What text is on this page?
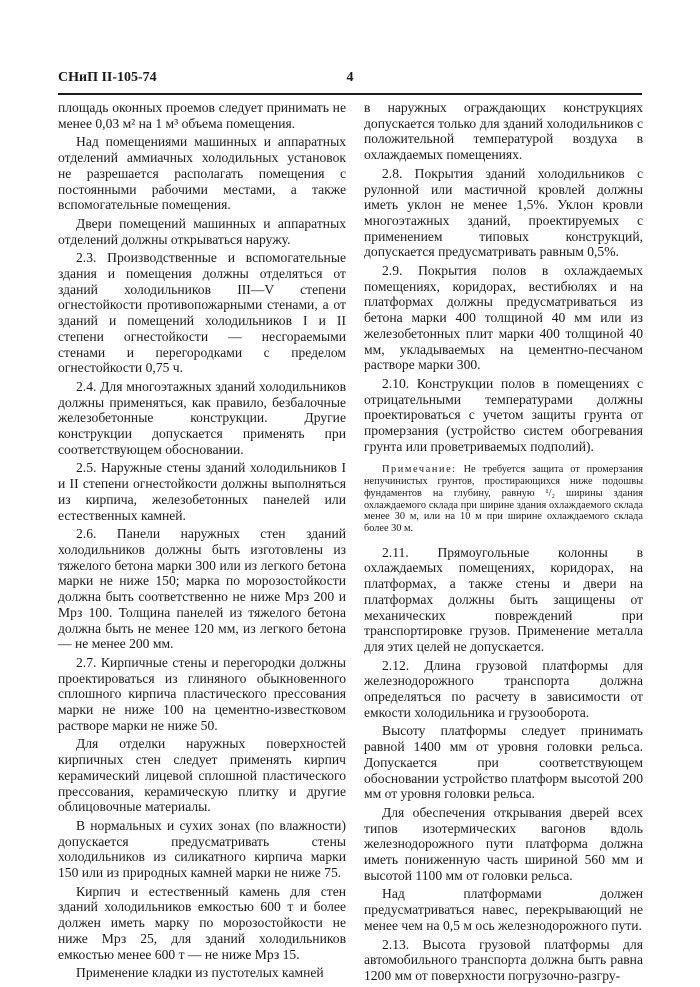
СНиП II-105-74	4

площадь оконных проемов следует принимать не менее 0,03 м² на 1 м³ объема помещения.

Над помещениями машинных и аппаратных отделений аммиачных холодильных установок не разрешается располагать помещения с постоянными рабочими местами, а также вспомогательные помещения.

Двери помещений машинных и аппаратных отделений должны открываться наружу.

2.3. Производственные и вспомогательные здания и помещения должны отделяться от зданий холодильников III—V степени огнестойкости противопожарными стенами, а от зданий и помещений холодильников I и II степени огнестойкости — несгораемыми стенами и перегородками с пределом огнестойкости 0,75 ч.

2.4. Для многоэтажных зданий холодильников должны применяться, как правило, безбалочные железобетонные конструкции. Другие конструкции допускается применять при соответствующем обосновании.

2.5. Наружные стены зданий холодильников I и II степени огнестойкости должны выполняться из кирпича, железобетонных панелей или естественных камней.

2.6. Панели наружных стен зданий холодильников должны быть изготовлены из тяжелого бетона марки 300 или из легкого бетона марки не ниже 150; марка по морозостойкости должна быть соответственно не ниже Мрз 200 и Мрз 100. Толщина панелей из тяжелого бетона должна быть не менее 120 мм, из легкого бетона — не менее 200 мм.

2.7. Кирпичные стены и перегородки должны проектироваться из глиняного обыкновенного сплошного кирпича пластического прессования марки не ниже 100 на цементно-известковом растворе марки не ниже 50.

Для отделки наружных поверхностей кирпичных стен следует применять кирпич керамический лицевой сплошной пластического прессования, керамическую плитку и другие облицовочные материалы.

В нормальных и сухих зонах (по влажности) допускается предусматривать стены холодильников из силикатного кирпича марки 150 или из природных камней марки не ниже 75.

Кирпич и естественный камень для стен зданий холодильников емкостью 600 т и более должен иметь марку по морозостойкости не ниже Мрз 25, для зданий холодильников емкостью менее 600 т — не ниже Мрз 15.

Применение кладки из пустотелых камней

в наружных ограждающих конструкциях допускается только для зданий холодильников с положительной температурой воздуха в охлаждаемых помещениях.

2.8. Покрытия зданий холодильников с рулонной или мастичной кровлей должны иметь уклон не менее 1,5%. Уклон кровли многоэтажных зданий, проектируемых с применением типовых конструкций, допускается предусматривать равным 0,5%.

2.9. Покрытия полов в охлаждаемых помещениях, коридорах, вестибюлях и на платформах должны предусматриваться из бетона марки 400 толщиной 40 мм или из железобетонных плит марки 400 толщиной 40 мм, укладываемых на цементно-песчаном растворе марки 300.

2.10. Конструкции полов в помещениях с отрицательными температурами должны проектироваться с учетом защиты грунта от промерзания (устройство систем обогревания грунта или проветриваемых подполий).

Примечание: Не требуется защита от промерзания непучинистых грунтов, простирающихся ниже подошвы фундаментов на глубину, равную ¹/₂ ширины здания охлаждаемого склада при ширине здания охлаждаемого склада менее 30 м, или на 10 м при ширине охлаждаемого склада более 30 м.

2.11. Прямоугольные колонны в охлаждаемых помещениях, коридорах, на платформах, а также стены и двери на платформах должны быть защищены от механических повреждений при транспортировке грузов. Применение металла для этих целей не допускается.

2.12. Длина грузовой платформы для железнодорожного транспорта должна определяться по расчету в зависимости от емкости холодильника и грузооборота.

Высоту платформы следует принимать равной 1400 мм от уровня головки рельса. Допускается при соответствующем обосновании устройство платформ высотой 200 мм от уровня головки рельса.

Для обеспечения открывания дверей всех типов изотермических вагонов вдоль железнодорожного пути платформа должна иметь пониженную часть шириной 560 мм и высотой 1100 мм от головки рельса.

Над платформами должен предусматриваться навес, перекрывающий не менее чем на 0,5 м ось железнодорожного пути.

2.13. Высота грузовой платформы для автомобильного транспорта должна быть равна 1200 мм от поверхности погрузочно-разгру-
